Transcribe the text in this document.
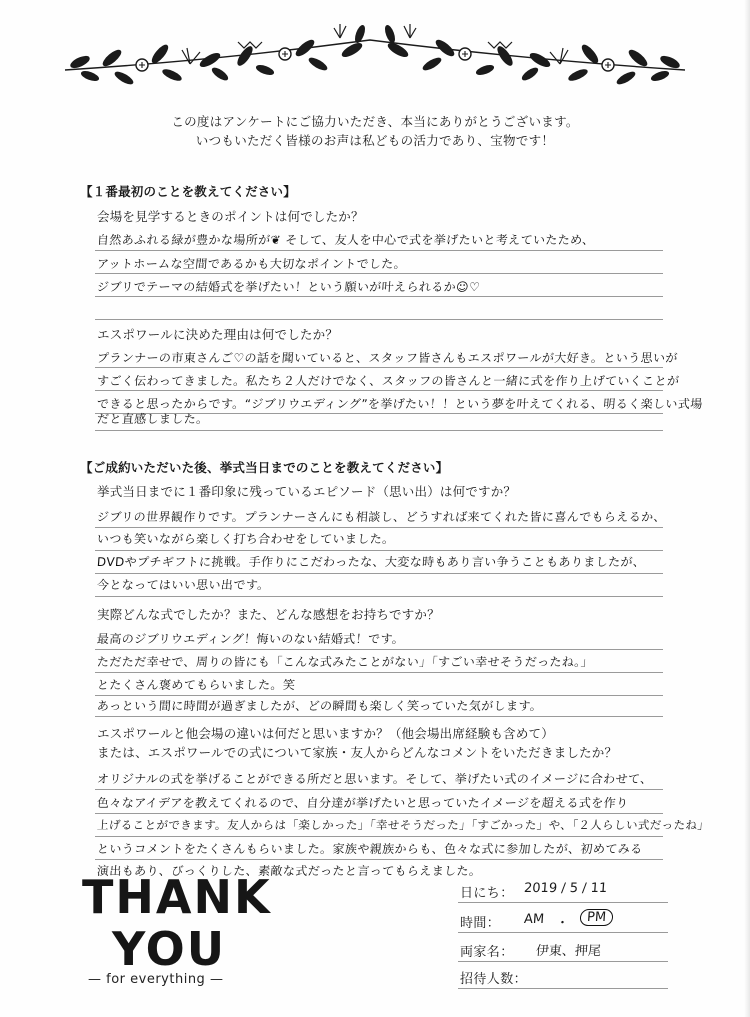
この度はアンケートにご協力いただき、本当にありがとうございます。
いつもいただく皆様のお声は私どもの活力であり、宝物です！
【１番最初のことを教えてください】
会場を見学するときのポイントは何でしたか？
自然あふれる緑が豊かな場所が❦ そして、友人を中心で式を挙げたいと考えていたため、
アットホームな空間であるかも大切なポイントでした。
ジブリでテーマの結婚式を挙げたい！という願いが叶えられるか☺♡
エスポワールに決めた理由は何でしたか？
プランナーの市東さんご♡の話を聞いていると、スタッフ皆さんもエスポワールが大好き。という思いが
すごく伝わってきました。私たち２人だけでなく、スタッフの皆さんと一緒に式を作り上げていくことが
できると思ったからです。“ジブリウエディング”を挙げたい！！という夢を叶えてくれる、明るく楽しい式場
だと直感しました。
【ご成約いただいた後、挙式当日までのことを教えてください】
挙式当日までに１番印象に残っているエピソード（思い出）は何ですか？
ジブリの世界観作りです。プランナーさんにも相談し、どうすれば来てくれた皆に喜んでもらえるか、
いつも笑いながら楽しく打ち合わせをしていました。
DVDやプチギフトに挑戦。手作りにこだわったな、大変な時もあり言い争うこともありましたが、
今となってはいい思い出です。
実際どんな式でしたか？また、どんな感想をお持ちですか？
最高のジブリウエディング！悔いのない結婚式！です。
ただただ幸せで、周りの皆にも「こんな式みたことがない」「すごい幸せそうだったね。」
とたくさん褒めてもらいました。笑
あっという間に時間が過ぎましたが、どの瞬間も楽しく笑っていた気がします。
エスポワールと他会場の違いは何だと思いますか？（他会場出席経験も含めて）
または、エスポワールでの式について家族・友人からどんなコメントをいただきましたか？
オリジナルの式を挙げることができる所だと思います。そして、挙げたい式のイメージに合わせて、
色々なアイデアを教えてくれるので、自分達が挙げたいと思っていたイメージを超える式を作り
上げることができます。友人からは「楽しかった」「幸せそうだった」「すごかった」や、「２人らしい式だったね」
というコメントをたくさんもらいました。家族や親族からも、色々な式に参加したが、初めてみる
演出もあり、びっくりした、素敵な式だったと言ってもらえました。
THANK
YOU
— for everything —
日にち： 2019 / 5 / 11
時間： AM ・	PM
両家名： 伊東、押尾
招待人数：
